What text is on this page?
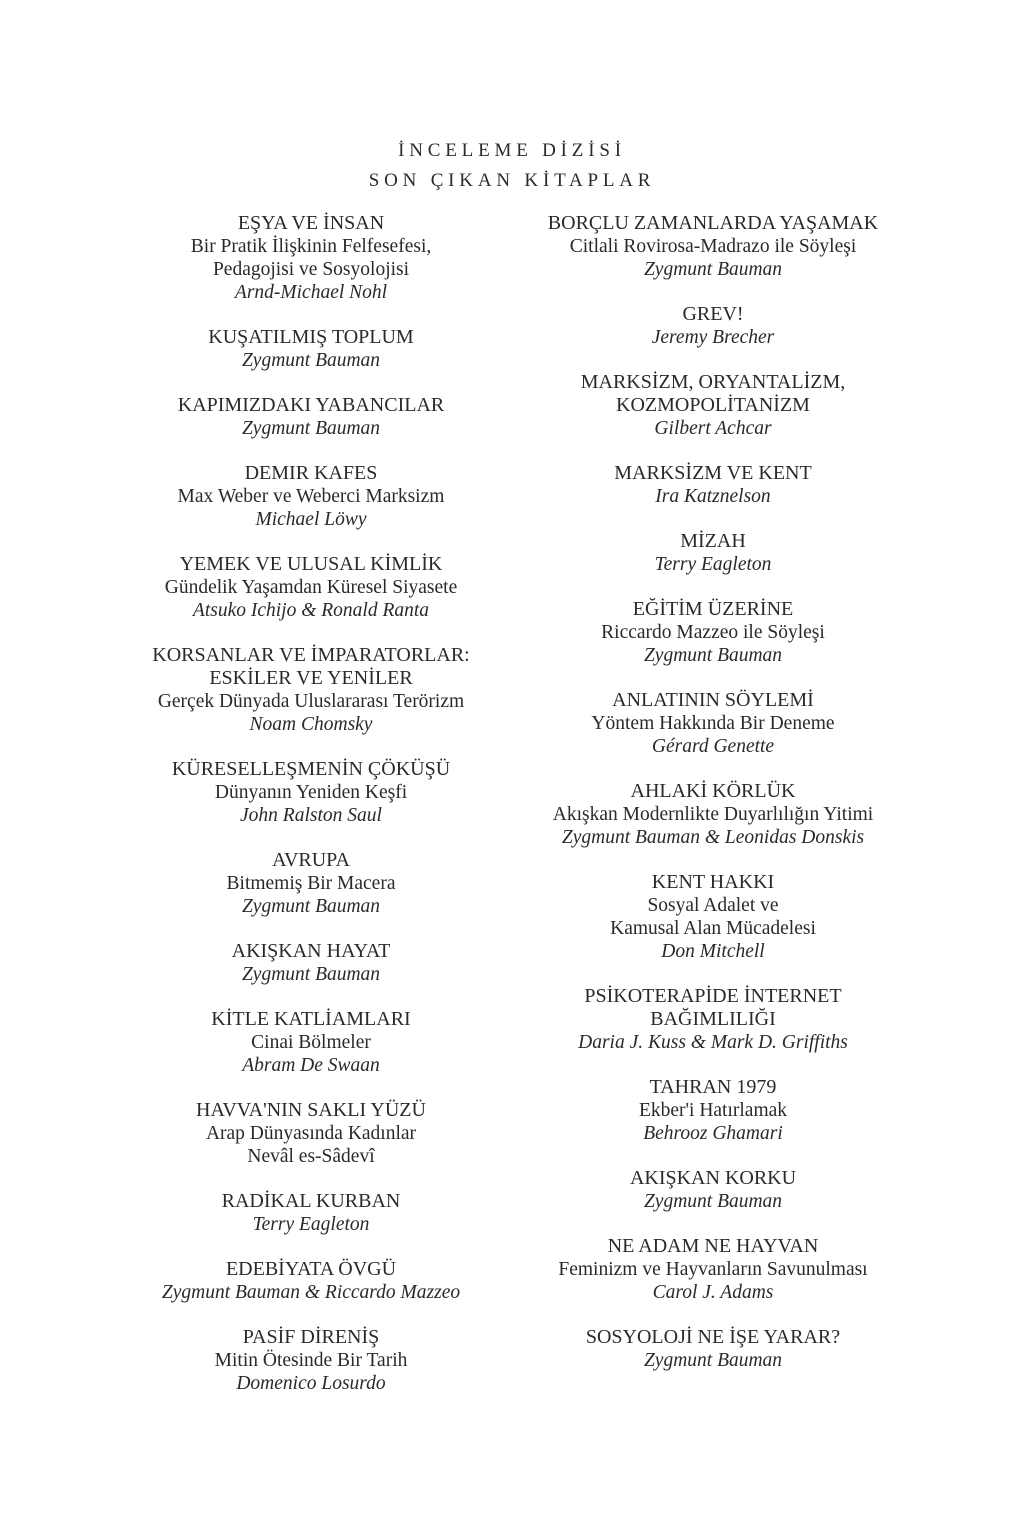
İNCELEME DİZİSİ
SON ÇIKAN KİTAPLAR
EŞYA VE İNSAN
Bir Pratik İlişkinin Felfesefesi,
Pedagojisi ve Sosyolojisi
Arnd-Michael Nohl
KUŞATILMIŞ TOPLUM
Zygmunt Bauman
KAPIMIZDAKI YABANCILAR
Zygmunt Bauman
DEMIR KAFES
Max Weber ve Weberci Marksizm
Michael Löwy
YEMEK VE ULUSAL KİMLİK
Gündelik Yaşamdan Küresel Siyasete
Atsuko Ichijo & Ronald Ranta
KORSANLAR VE İMPARATORLAR:
ESKİLER VE YENİLER
Gerçek Dünyada Uluslararası Terörizm
Noam Chomsky
KÜRESELLEŞMENİN ÇÖKÜŞÜ
Dünyanın Yeniden Keşfi
John Ralston Saul
AVRUPA
Bitmemiş Bir Macera
Zygmunt Bauman
AKIŞKAN HAYAT
Zygmunt Bauman
KİTLE KATLİAMLARI
Cinai Bölmeler
Abram De Swaan
HAVVA'NIN SAKLI YÜZÜ
Arap Dünyasında Kadınlar
Nevâl es-Sâdevî
RADİKAL KURBAN
Terry Eagleton
EDEBİYATA ÖVGÜ
Zygmunt Bauman & Riccardo Mazzeo
PASİF DİRENİŞ
Mitin Ötesinde Bir Tarih
Domenico Losurdo
BORÇLU ZAMANLARDA YAŞAMAK
Citlali Rovirosa-Madrazo ile Söyleşi
Zygmunt Bauman
GREV!
Jeremy Brecher
MARKSİZM, ORYANTALİZM,
KOZMOPOLİTANİZM
Gilbert Achcar
MARKSİZM VE KENT
Ira Katznelson
MİZAH
Terry Eagleton
EĞİTİM ÜZERİNE
Riccardo Mazzeo ile Söyleşi
Zygmunt Bauman
ANLATININ SÖYLEMİ
Yöntem Hakkında Bir Deneme
Gérard Genette
AHLAKİ KÖRLÜK
Akışkan Modernlikte Duyarlılığın Yitimi
Zygmunt Bauman & Leonidas Donskis
KENT HAKKI
Sosyal Adalet ve
Kamusal Alan Mücadelesi
Don Mitchell
PSİKOTERAPİDE İNTERNET
BAĞIMLILIĞI
Daria J. Kuss & Mark D. Griffiths
TAHRAN 1979
Ekber'i Hatırlamak
Behrooz Ghamari
AKIŞKAN KORKU
Zygmunt Bauman
NE ADAM NE HAYVAN
Feminizm ve Hayvanların Savunulması
Carol J. Adams
SOSYOLOJİ NE İŞE YARAR?
Zygmunt Bauman
